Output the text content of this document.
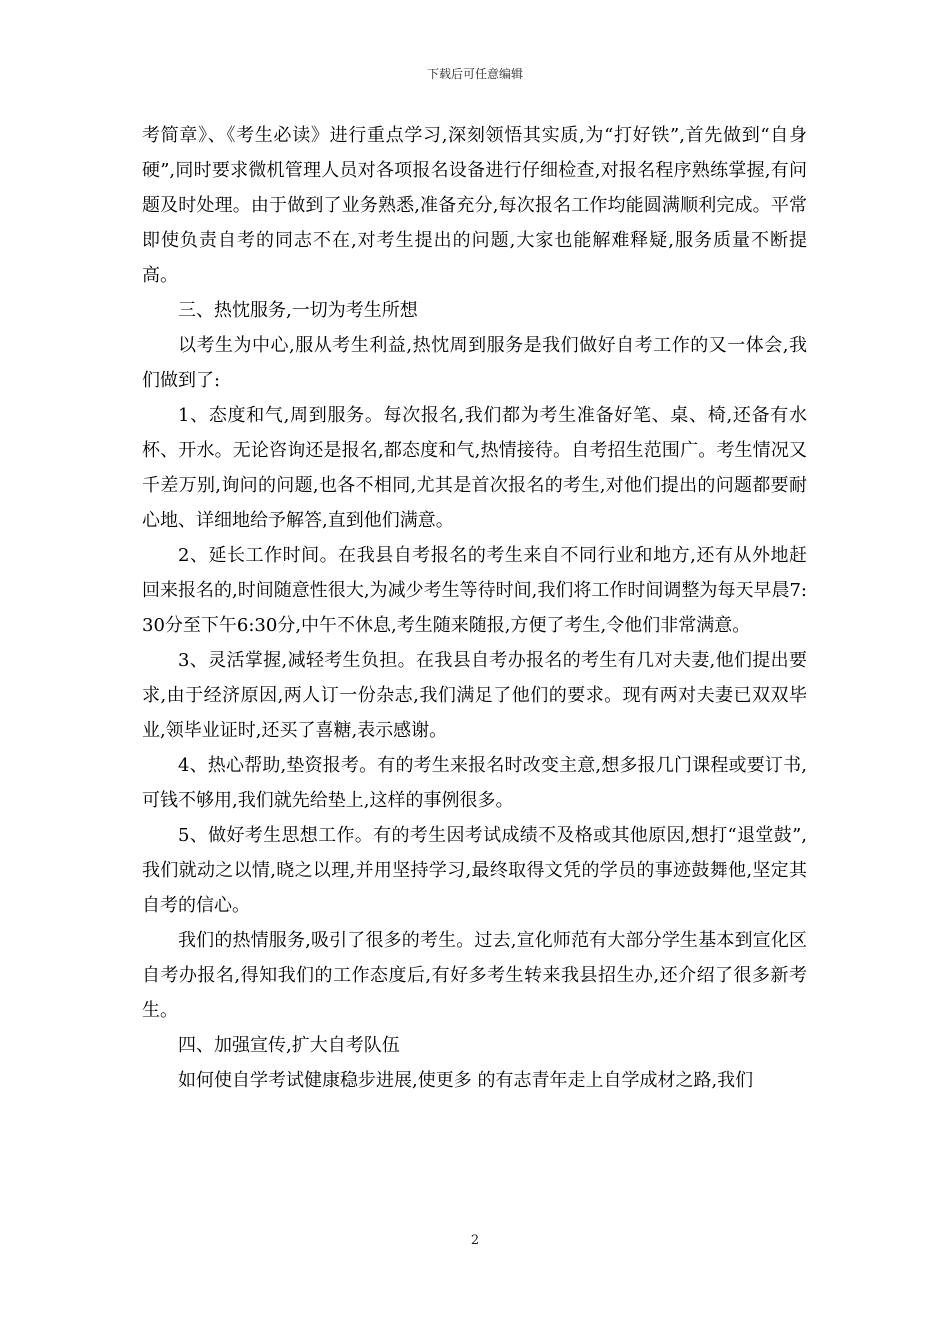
下载后可任意编辑

考简章》、《考生必读》进行重点学习,深刻领悟其实质,为“打好铁”,首先做到“自身硬”,同时要求微机管理人员对各项报名设备进行仔细检查,对报名程序熟练掌握,有问题及时处理。由于做到了业务熟悉,准备充分,每次报名工作均能圆满顺利完成。平常即使负责自考的同志不在,对考生提出的问题,大家也能解难释疑,服务质量不断提高。

三、热忱服务,一切为考生所想

以考生为中心,服从考生利益,热忱周到服务是我们做好自考工作的又一体会,我们做到了:

1、态度和气,周到服务。每次报名,我们都为考生准备好笔、桌、椅,还备有水杯、开水。无论咨询还是报名,都态度和气,热情接待。自考招生范围广。考生情况又千差万别,询问的问题,也各不相同,尤其是首次报名的考生,对他们提出的问题都要耐心地、详细地给予解答,直到他们满意。

2、延长工作时间。在我县自考报名的考生来自不同行业和地方,还有从外地赶回来报名的,时间随意性很大,为减少考生等待时间,我们将工作时间调整为每天早晨7:30分至下午6:30分,中午不休息,考生随来随报,方便了考生,令他们非常满意。

3、灵活掌握,减轻考生负担。在我县自考办报名的考生有几对夫妻,他们提出要求,由于经济原因,两人订一份杂志,我们满足了他们的要求。现有两对夫妻已双双毕业,领毕业证时,还买了喜糖,表示感谢。

4、热心帮助,垫资报考。有的考生来报名时改变主意,想多报几门课程或要订书,可钱不够用,我们就先给垫上,这样的事例很多。

5、做好考生思想工作。有的考生因考试成绩不及格或其他原因,想打“退堂鼓”,我们就动之以情,晓之以理,并用坚持学习,最终取得文凭的学员的事迹鼓舞他,坚定其自考的信心。

我们的热情服务,吸引了很多的考生。过去,宣化师范有大部分学生基本到宣化区自考办报名,得知我们的工作态度后,有好多考生转来我县招生办,还介绍了很多新考生。

四、加强宣传,扩大自考队伍

如何使自学考试健康稳步进展,使更多 的有志青年走上自学成材之路,我们

2
